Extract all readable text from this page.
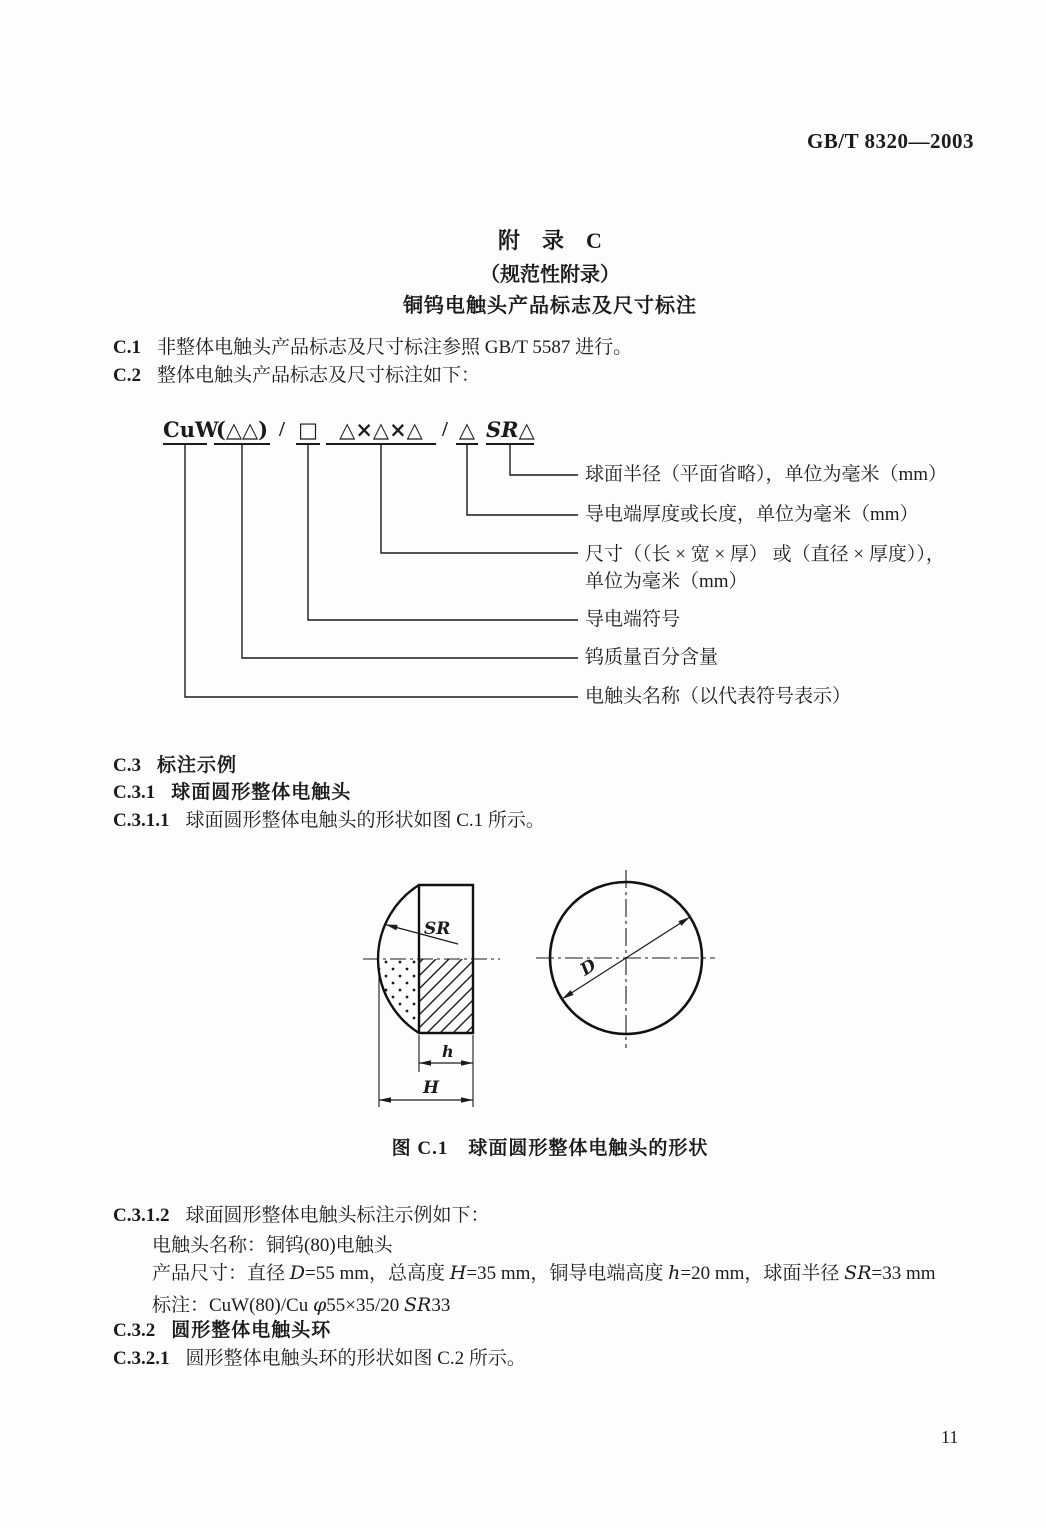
GB/T 8320—2003
附　录　C
（规范性附录）
铜钨电触头产品标志及尺寸标注
C.1 非整体电触头产品标志及尺寸标注参照 GB/T 5587 进行。
C.2 整体电触头产品标志及尺寸标注如下：
CuW
(△△) / □	△×△×△ / △ SR△
球面半径（平面省略），单位为毫米（mm）
导电端厚度或长度，单位为毫米（mm）
尺寸（（长 × 宽 × 厚） 或（直径 × 厚度）），
单位为毫米（mm）
导电端符号
钨质量百分含量
电触头名称（以代表符号表示）
C.3 标注示例
C.3.1 球面圆形整体电触头
C.3.1.1 球面圆形整体电触头的形状如图 C.1 所示。
SR
h
H
D
图 C.1　球面圆形整体电触头的形状
C.3.1.2 球面圆形整体电触头标注示例如下：
电触头名称：铜钨(80)电触头
产品尺寸：直径 D=55 mm，总高度 H=35 mm，铜导电端高度 h=20 mm，球面半径 SR=33 mm
标注：CuW(80)/Cu φ55×35/20 SR33
C.3.2 圆形整体电触头环
C.3.2.1 圆形整体电触头环的形状如图 C.2 所示。
11
